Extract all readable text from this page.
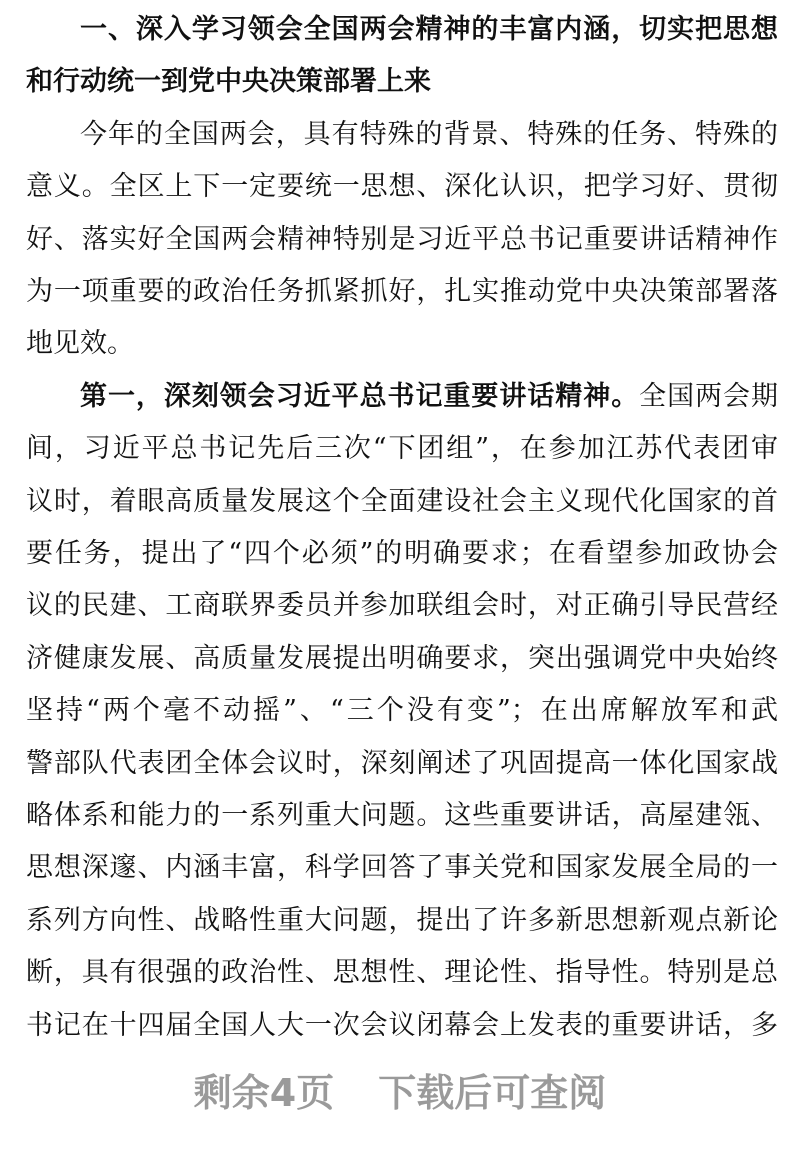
一、深入学习领会全国两会精神的丰富内涵，切实把思想
和行动统一到党中央决策部署上来
今年的全国两会，具有特殊的背景、特殊的任务、特殊的
意义。全区上下一定要统一思想、深化认识，把学习好、贯彻
好、落实好全国两会精神特别是习近平总书记重要讲话精神作
为一项重要的政治任务抓紧抓好，扎实推动党中央决策部署落
地见效。
第一，深刻领会习近平总书记重要讲话精神。全国两会期
间，习近平总书记先后三次“下团组”，在参加江苏代表团审
议时，着眼高质量发展这个全面建设社会主义现代化国家的首
要任务，提出了“四个必须”的明确要求；在看望参加政协会
议的民建、工商联界委员并参加联组会时，对正确引导民营经
济健康发展、高质量发展提出明确要求，突出强调党中央始终
坚持“两个毫不动摇”、“三个没有变”；在出席解放军和武
警部队代表团全体会议时，深刻阐述了巩固提高一体化国家战
略体系和能力的一系列重大问题。这些重要讲话，高屋建瓴、
思想深邃、内涵丰富，科学回答了事关党和国家发展全局的一
系列方向性、战略性重大问题，提出了许多新思想新观点新论
断，具有很强的政治性、思想性、理论性、指导性。特别是总
书记在十四届全国人大一次会议闭幕会上发表的重要讲话，多
剩余4页 下载后可查阅
